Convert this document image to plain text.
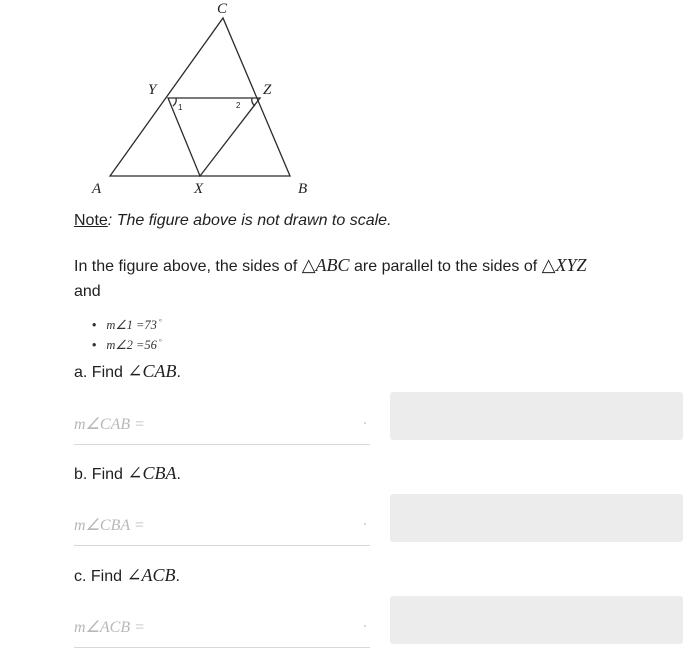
C
Y	Z
A	X	B
1	2
Note: The figure above is not drawn to scale.
In the figure above, the sides of △ABC are parallel to the sides of △XYZ
and
• m∠1 =73 °
• m∠2 =56 °
a. Find ∠CAB.
m∠CAB =
b. Find ∠CBA.
m∠CBA =
c. Find ∠ACB.
m∠ACB =
